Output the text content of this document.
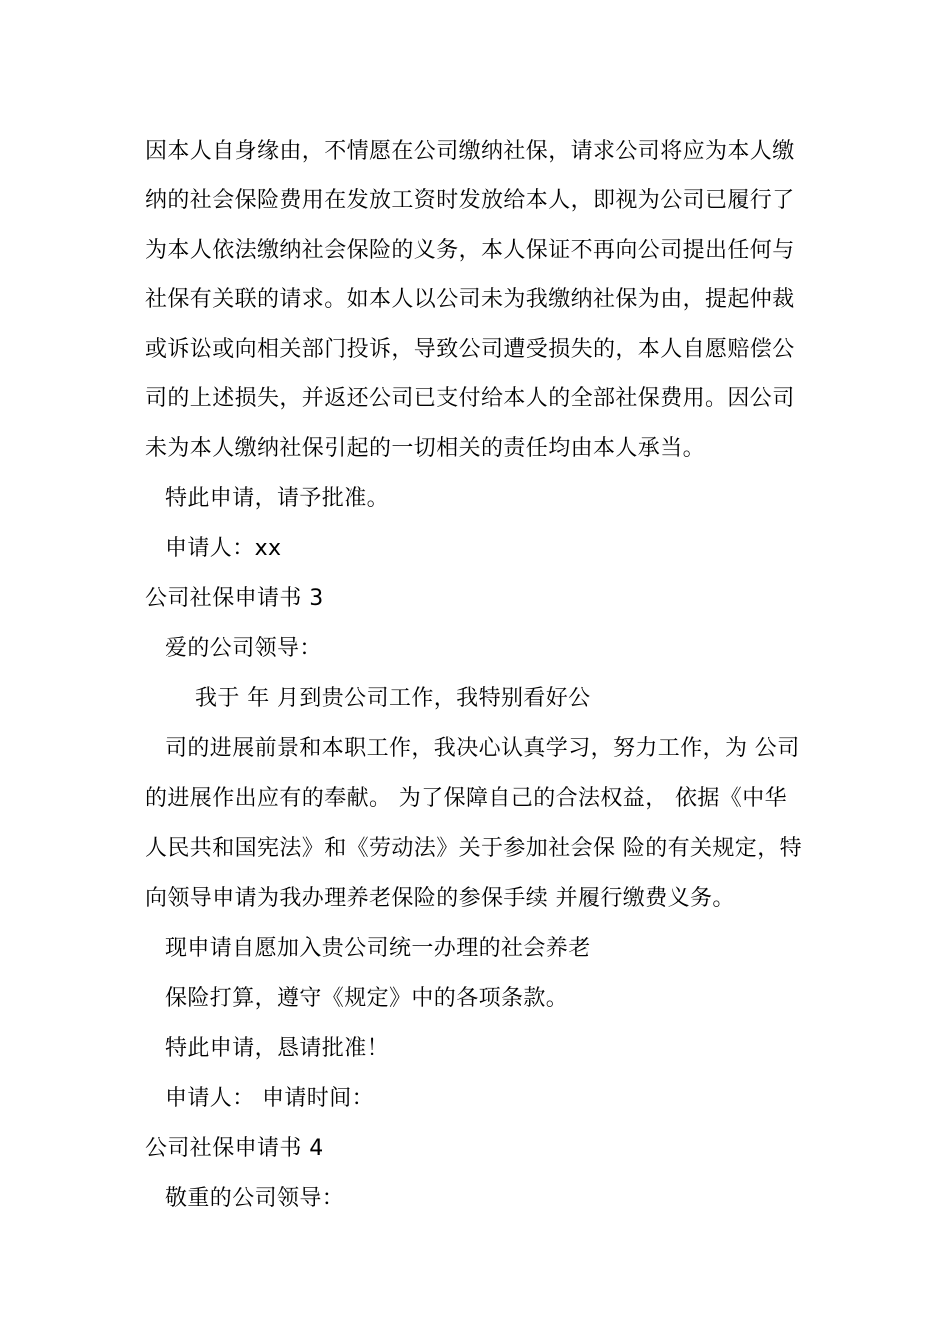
因本人自身缘由，不情愿在公司缴纳社保，请求公司将应为本人缴
纳的社会保险费用在发放工资时发放给本人，即视为公司已履行了
为本人依法缴纳社会保险的义务，本人保证不再向公司提出任何与
社保有关联的请求。如本人以公司未为我缴纳社保为由，提起仲裁
或诉讼或向相关部门投诉，导致公司遭受损失的，本人自愿赔偿公
司的上述损失，并返还公司已支付给本人的全部社保费用。因公司
未为本人缴纳社保引起的一切相关的责任均由本人承当。
特此申请，请予批准。
申请人：xx
公司社保申请书 3
爱的公司领导：
我于 年 月到贵公司工作，我特别看好公
司的进展前景和本职工作，我决心认真学习，努力工作，为 公司
的进展作出应有的奉献。 为了保障自己的合法权益， 依据《中华
人民共和国宪法》和《劳动法》关于参加社会保 险的有关规定，特
向领导申请为我办理养老保险的参保手续 并履行缴费义务。
现申请自愿加入贵公司统一办理的社会养老
保险打算，遵守《规定》中的各项条款。
特此申请，恳请批准！
申请人： 申请时间：
公司社保申请书 4
敬重的公司领导：
